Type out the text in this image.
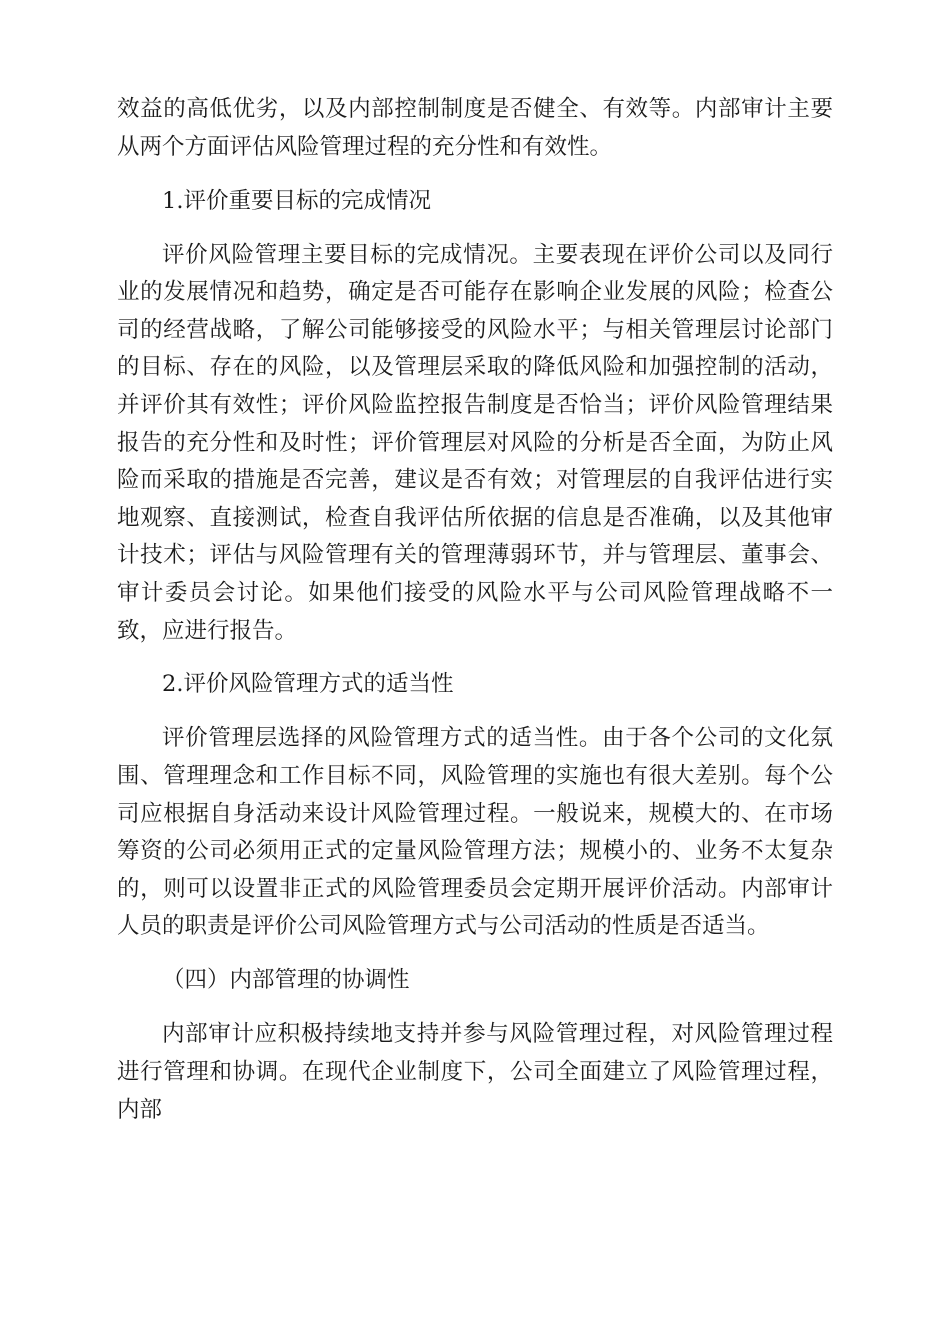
效益的高低优劣，以及内部控制制度是否健全、有效等。内部审计主要从两个方面评估风险管理过程的充分性和有效性。

1.评价重要目标的完成情况

评价风险管理主要目标的完成情况。主要表现在评价公司以及同行业的发展情况和趋势，确定是否可能存在影响企业发展的风险；检查公司的经营战略，了解公司能够接受的风险水平；与相关管理层讨论部门的目标、存在的风险，以及管理层采取的降低风险和加强控制的活动，并评价其有效性；评价风险监控报告制度是否恰当；评价风险管理结果报告的充分性和及时性；评价管理层对风险的分析是否全面，为防止风险而采取的措施是否完善，建议是否有效；对管理层的自我评估进行实地观察、直接测试，检查自我评估所依据的信息是否准确，以及其他审计技术；评估与风险管理有关的管理薄弱环节，并与管理层、董事会、审计委员会讨论。如果他们接受的风险水平与公司风险管理战略不一致，应进行报告。

2.评价风险管理方式的适当性

评价管理层选择的风险管理方式的适当性。由于各个公司的文化氛围、管理理念和工作目标不同，风险管理的实施也有很大差别。每个公司应根据自身活动来设计风险管理过程。一般说来，规模大的、在市场筹资的公司必须用正式的定量风险管理方法；规模小的、业务不太复杂的，则可以设置非正式的风险管理委员会定期开展评价活动。内部审计人员的职责是评价公司风险管理方式与公司活动的性质是否适当。

（四）内部管理的协调性

内部审计应积极持续地支持并参与风险管理过程，对风险管理过程进行管理和协调。在现代企业制度下，公司全面建立了风险管理过程，内部
